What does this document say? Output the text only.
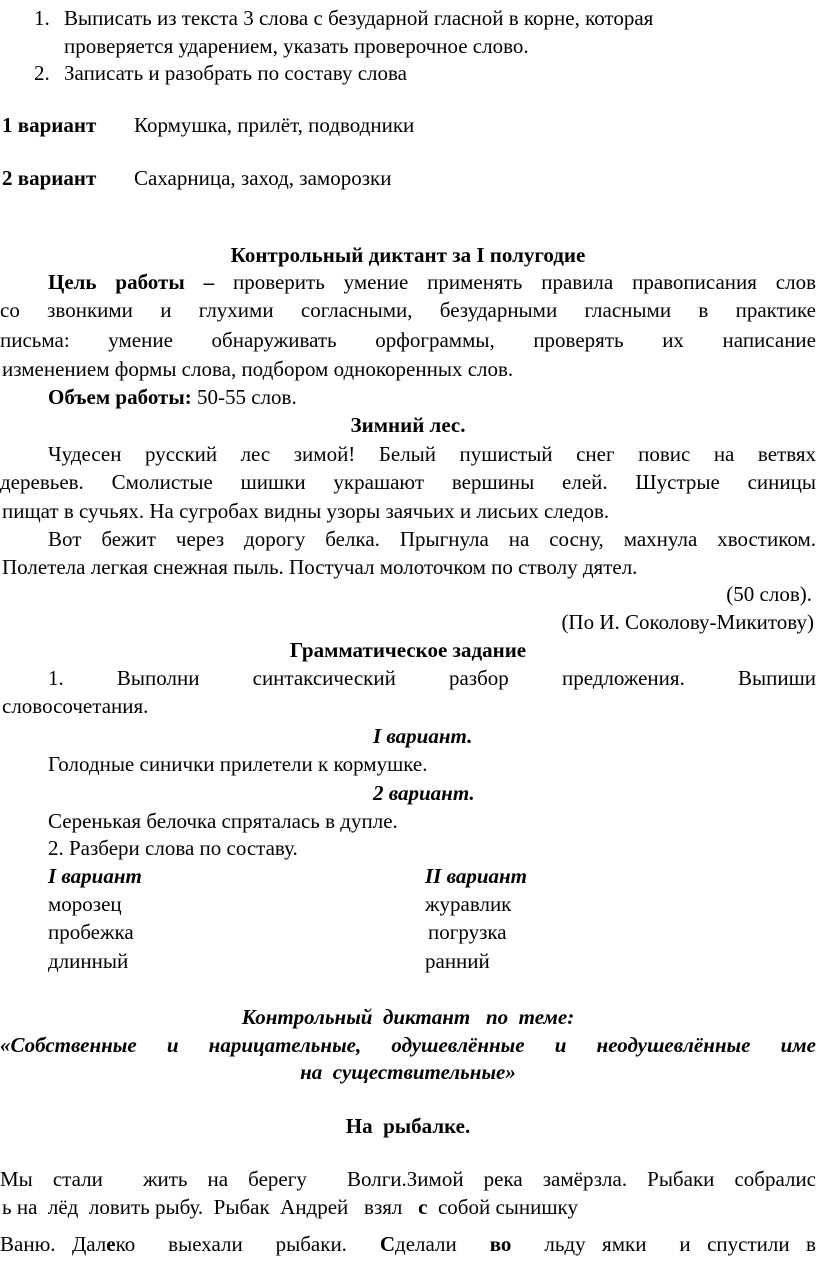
1. Выписать из текста 3 слова с безударной гласной в корне, которая
проверяется ударением, указать проверочное слово.
2. Записать и разобрать по составу слова
1 вариант Кормушка, прилёт, подводники
2 вариант Сахарница, заход, заморозки
Контрольный диктант за I полугодие
Цель работы – проверить умение применять правила правописания слов
со звонкими и глухими согласными, безударными гласными в практике
письма: умение обнаруживать орфограммы, проверять их написание
изменением формы слова, подбором однокоренных слов.
Объем работы: 50-55 слов.
Зимний лес.
Чудесен русский лес зимой! Белый пушистый снег повис на ветвях
деревьев. Смолистые шишки украшают вершины елей. Шустрые синицы
пищат в сучьях. На сугробах видны узоры заячьих и лисьих следов.
Вот бежит через дорогу белка. Прыгнула на сосну, махнула хвостиком.
Полетела легкая снежная пыль. Постучал молоточком по стволу дятел.
(50 слов).
(По И. Соколову-Микитову)
Грамматическое задание
1. Выполни синтаксический разбор предложения. Выпиши
словосочетания.
I вариант.
Голодные синички прилетели к кормушке.
2 вариант.
Серенькая белочка спряталась в дупле.
2. Разбери слова по составу.
I вариант	II вариант
морозец	журавлик
пробежка	погрузка
длинный	ранний
Контрольный  диктант   по  теме:
«Собственные и нарицательные, одушевлённые и неодушевлённые име
на  существительные»
На  рыбалке.
Мы стали  жить на берегу  Волги.Зимой река замёрзла. Рыбаки собралис
ь на  лёд  ловить рыбу.  Рыбак  Андрей   взял с собой сынишку
Ваню. Далеко  выехали  рыбаки. Сделали во льду ямки  и спустили в
